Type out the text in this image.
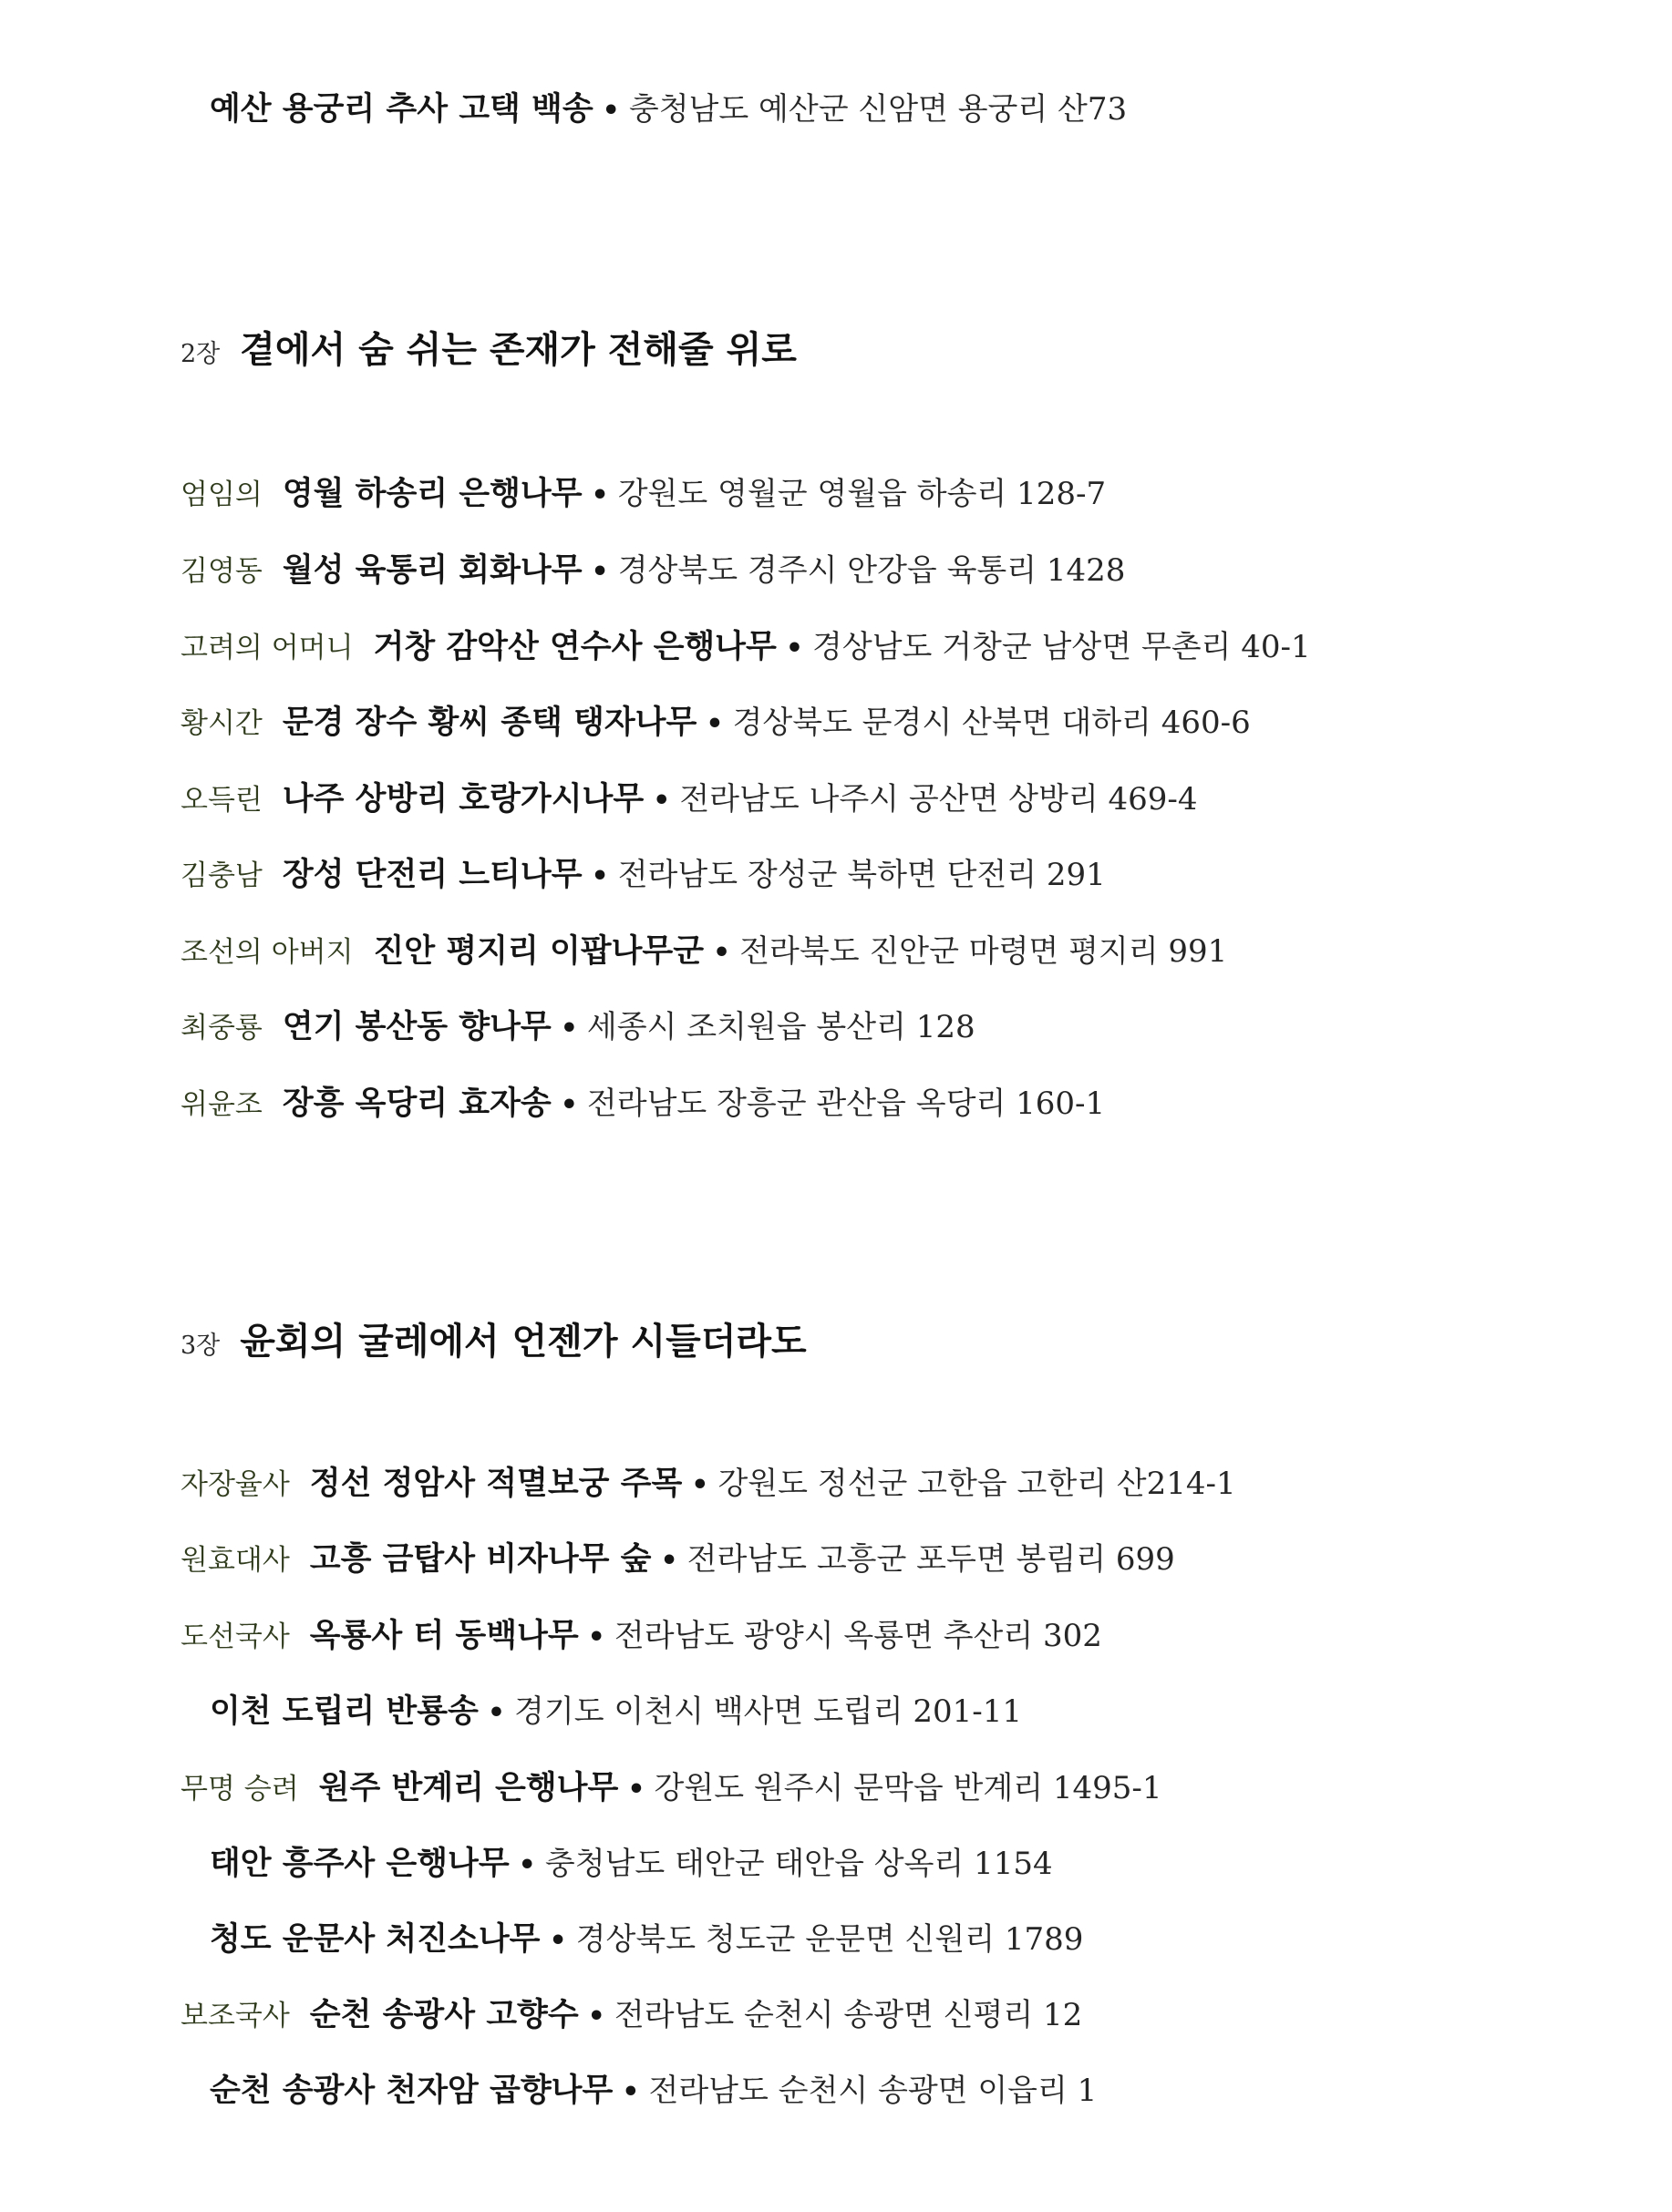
예산 용궁리 추사 고택 백송 • 충청남도 예산군 신암면 용궁리 산73
2장 곁에서 숨 쉬는 존재가 전해줄 위로
엄임의 영월 하송리 은행나무 • 강원도 영월군 영월읍 하송리 128-7
김영동 월성 육통리 회화나무 • 경상북도 경주시 안강읍 육통리 1428
고려의 어머니 거창 감악산 연수사 은행나무 • 경상남도 거창군 남상면 무촌리 40-1
황시간 문경 장수 황씨 종택 탱자나무 • 경상북도 문경시 산북면 대하리 460-6
오득린 나주 상방리 호랑가시나무 • 전라남도 나주시 공산면 상방리 469-4
김충남 장성 단전리 느티나무 • 전라남도 장성군 북하면 단전리 291
조선의 아버지 진안 평지리 이팝나무군 • 전라북도 진안군 마령면 평지리 991
최중룡 연기 봉산동 향나무 • 세종시 조치원읍 봉산리 128
위윤조 장흥 옥당리 효자송 • 전라남도 장흥군 관산읍 옥당리 160-1
3장 윤회의 굴레에서 언젠가 시들더라도
자장율사 정선 정암사 적멸보궁 주목 • 강원도 정선군 고한읍 고한리 산214-1
원효대사 고흥 금탑사 비자나무 숲 • 전라남도 고흥군 포두면 봉림리 699
도선국사 옥룡사 터 동백나무 • 전라남도 광양시 옥룡면 추산리 302
이천 도립리 반룡송 • 경기도 이천시 백사면 도립리 201-11
무명 승려 원주 반계리 은행나무 • 강원도 원주시 문막읍 반계리 1495-1
태안 흥주사 은행나무 • 충청남도 태안군 태안읍 상옥리 1154
청도 운문사 처진소나무 • 경상북도 청도군 운문면 신원리 1789
보조국사 순천 송광사 고향수 • 전라남도 순천시 송광면 신평리 12
순천 송광사 천자암 곱향나무 • 전라남도 순천시 송광면 이읍리 1
